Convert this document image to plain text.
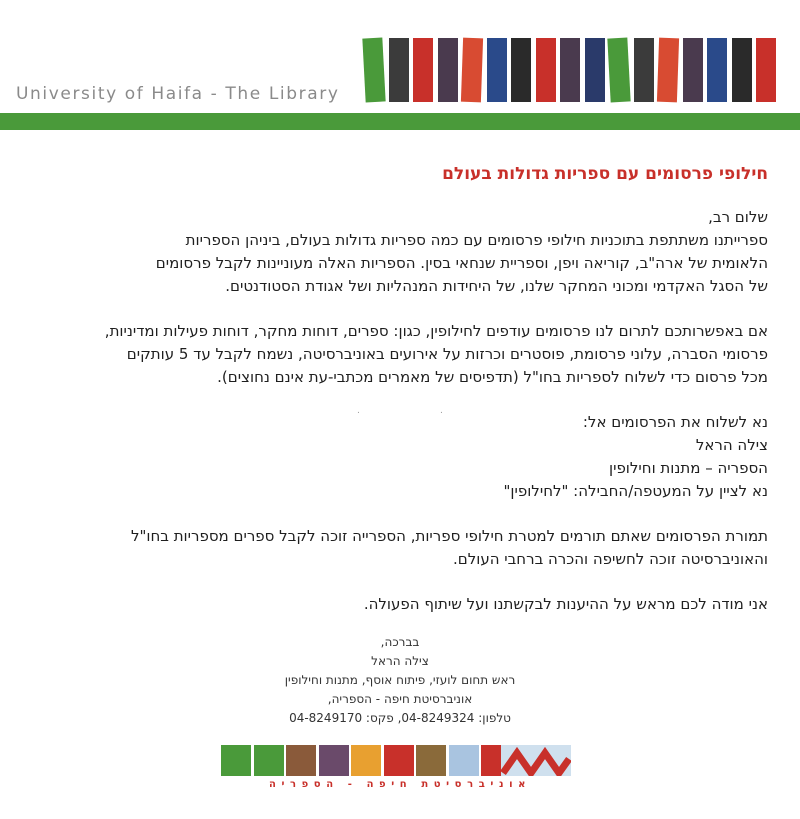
University of Haifa - The Library
חילופי פרסומים עם ספריות גדולות בעולם

שלום רב,

ספרייתנו משתתפת בתוכניות חילופי פרסומים עם כמה ספריות גדולות בעולם, ביניהן הספריות

הלאומית של ארה"ב, קוריאה ויפן, וספריית שנחאי בסין. הספריות האלה מעוניינות לקבל פרסומים

של הסגל האקדמי ומכוני המחקר שלנו, של היחידות המנהליות ושל אגודת הסטודנטים.

אם באפשרותכם לתרום לנו פרסומים עודפים לחילופין, כגון: ספרים, דוחות מחקר, דוחות פעילות ומדיניות,

פרסומי הסברה, עלוני פרסומת, פוסטרים וכרזות על אירועים באוניברסיטה, נשמח לקבל עד 5 עותקים

מכל פרסום כדי לשלוח לספריות בחו"ל (תדפיסים של מאמרים מכתבי-עת אינם נחוצים).

נא לשלוח את הפרסומים אל:

צילה הראל

הספריה – מתנות וחילופין

נא לציין על המעטפה/החבילה: "לחילופין"

תמורת הפרסומים שאתם תורמים למטרת חילופי ספריות, הספרייה זוכה לקבל ספרים מספריות בחו"ל

והאוניברסיטה זוכה לחשיפה והכרה ברחבי העולם.

אני מודה לכם מראש על ההיענות לבקשתנו ועל שיתוף הפעולה.

.	.
בברכה,
צילה הראל
ראש תחום לועזי, פיתוח אוסף, מתנות וחילופין
אוניברסיטת חיפה - הספריה,
טלפון: 04-8249324, פקס: 04-8249170
אוניברסיטת חיפה - הספריה
